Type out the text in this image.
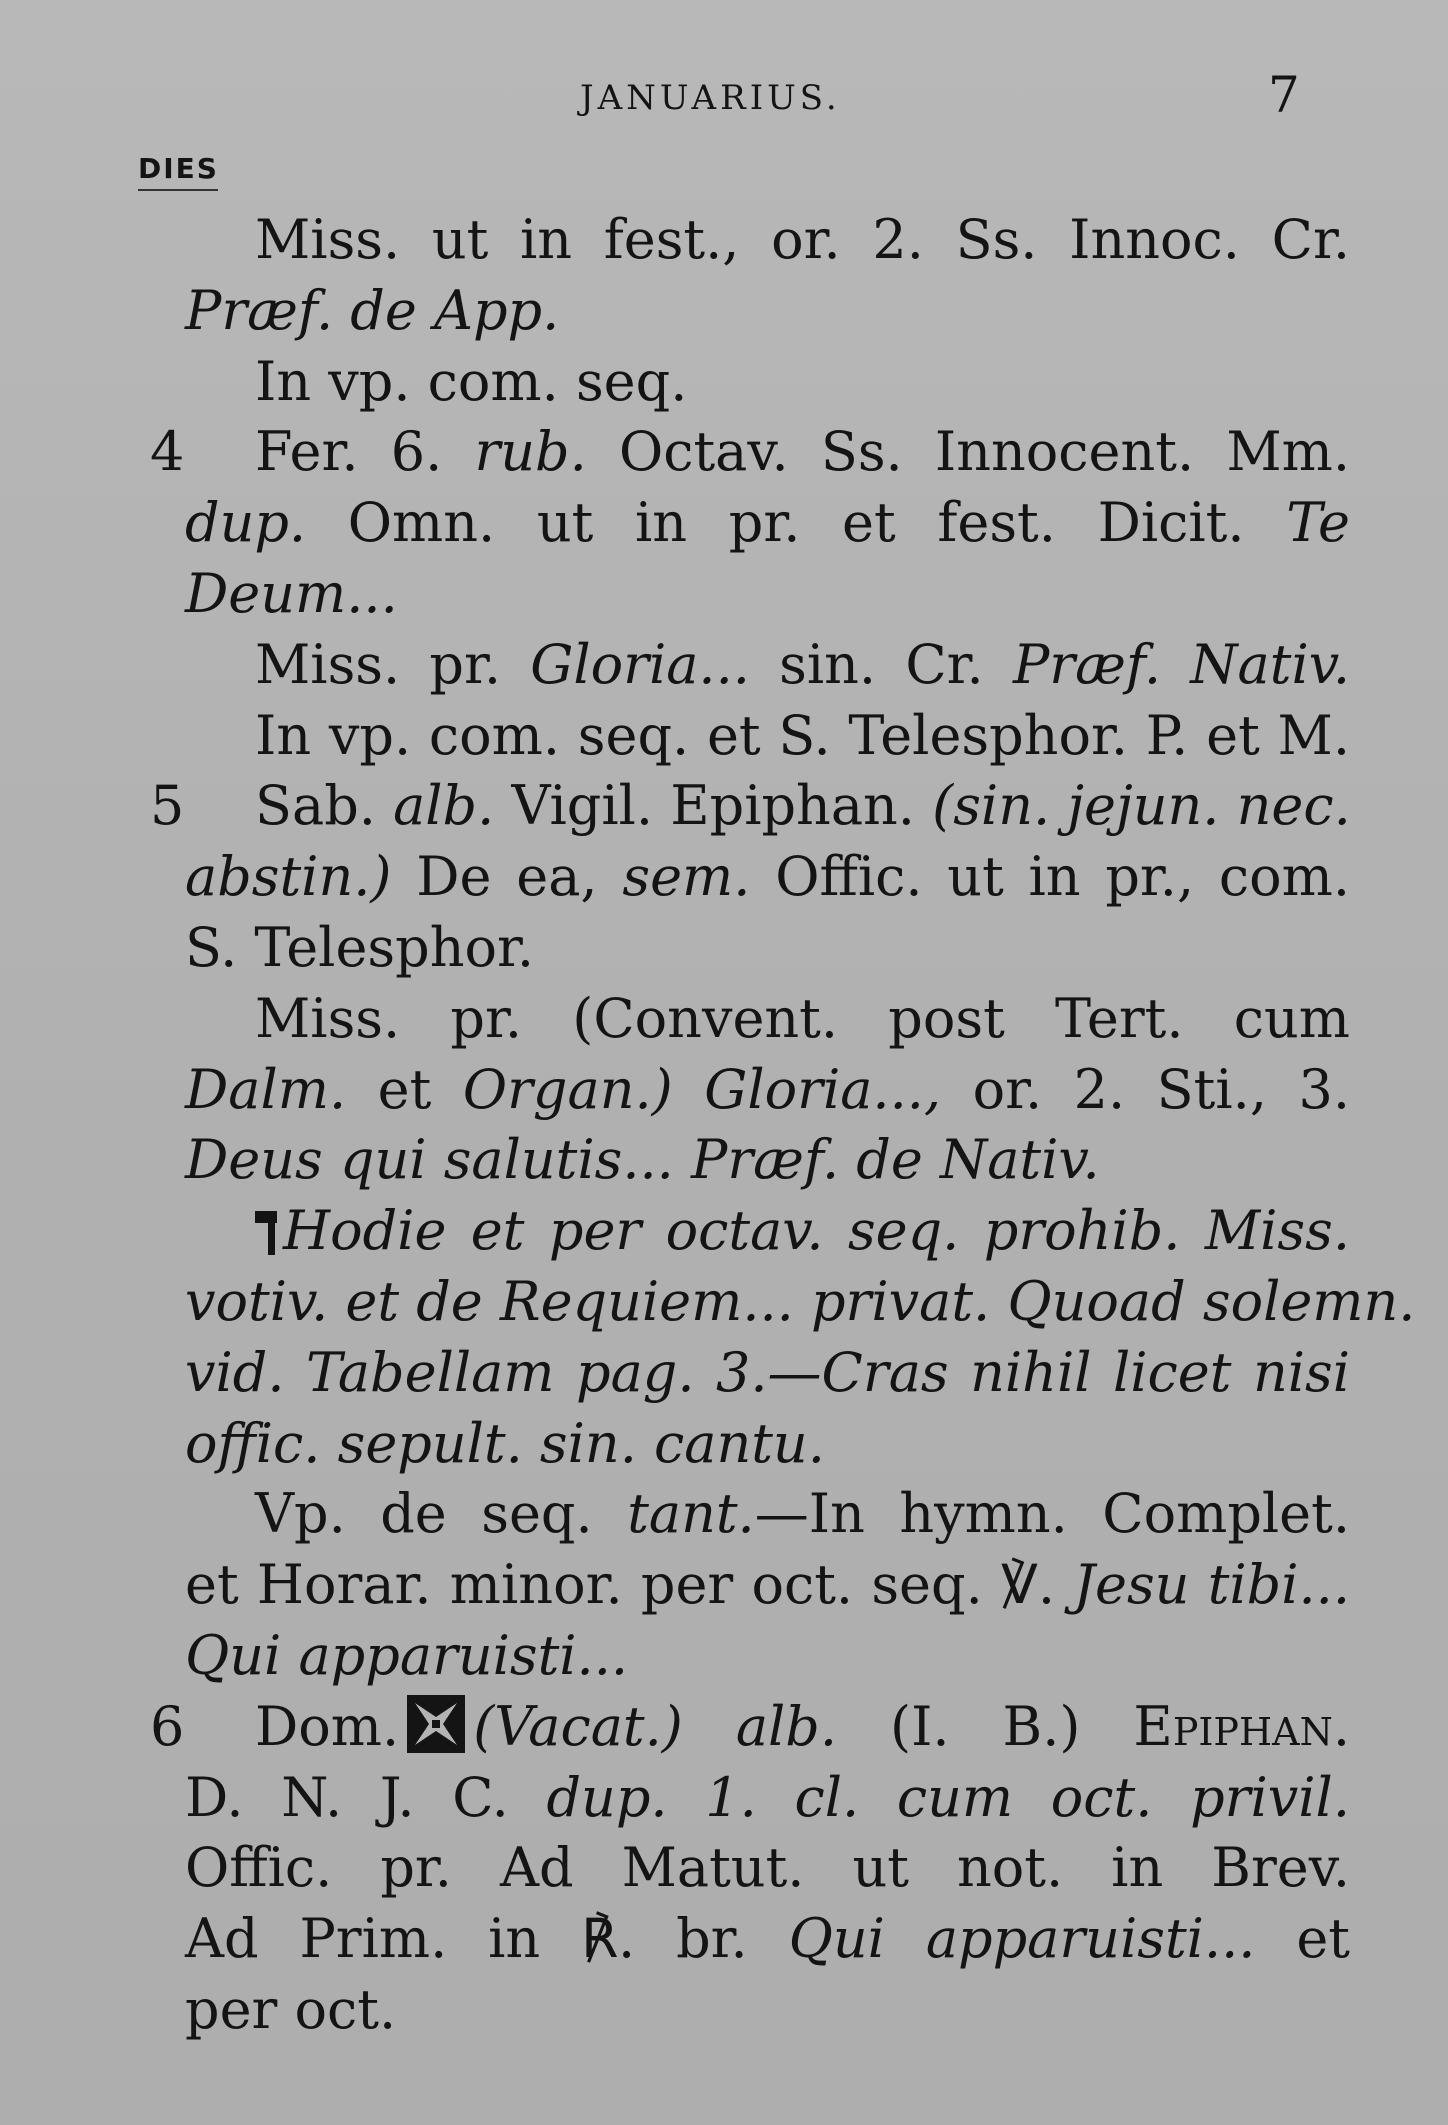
JANUARIUS.	7
DIES
Miss. ut in fest., or. 2. Ss. Innoc. Cr.
Præf. de App.
In vp. com. seq.
4 Fer. 6. rub. Octav. Ss. Innocent. Mm.
dup. Omn. ut in pr. et fest. Dicit. Te
Deum...
Miss. pr. Gloria... sin. Cr. Præf. Nativ.
In vp. com. seq. et S. Telesphor. P. et M.
5 Sab. alb. Vigil. Epiphan. (sin. jejun. nec.
abstin.) De ea, sem. Offic. ut in pr., com.
S. Telesphor.
Miss. pr. (Convent. post Tert. cum
Dalm. et Organ.) Gloria..., or. 2. Sti., 3.
Deus qui salutis... Præf. de Nativ.
Hodie et per octav. seq. prohib. Miss.
votiv. et de Requiem... privat. Quoad solemn.
vid. Tabellam pag. 3.—Cras nihil licet nisi
offic. sepult. sin. cantu.
Vp. de seq. tant.—In hymn. Complet.
et Horar. minor. per oct. seq. ℣. Jesu tibi...
Qui apparuisti...
6 Dom. (Vacat.) alb. (I. B.) Epiphan.
D. N. J. C. dup. 1. cl. cum oct. privil.
Offic. pr. Ad Matut. ut not. in Brev.
Ad Prim. in ℟. br. Qui apparuisti... et
per oct.
